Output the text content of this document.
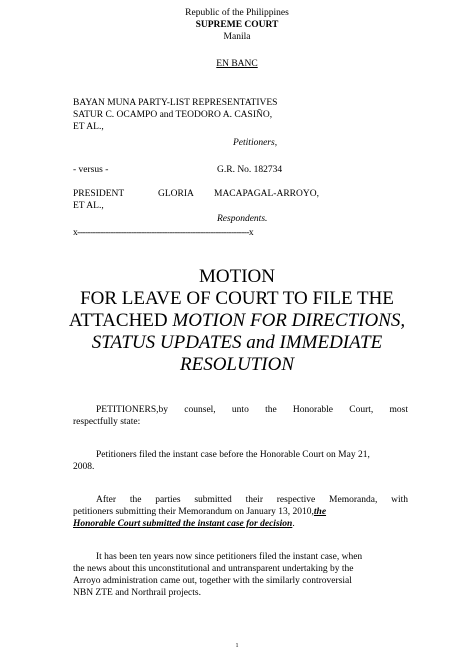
Republic of the Philippines
SUPREME COURT
Manila
EN BANC
BAYAN MUNA PARTY-LIST REPRESENTATIVES
SATUR C. OCAMPO and TEODORO A. CASIÑO,
ET AL.,
Petitioners,
- versus -	G.R. No. 182734
PRESIDENT	GLORIA MACAPAGAL-ARROYO,
ET AL.,
Respondents.
x-------------------------------------------------------------------x
MOTION
FOR LEAVE OF COURT TO FILE THE
ATTACHED MOTION FOR DIRECTIONS,
STATUS UPDATES and IMMEDIATE
RESOLUTION
PETITIONERS,by counsel, unto the Honorable Court, most
respectfully state:
Petitioners filed the instant case before the Honorable Court on May 21,
2008.
After the parties submitted their respective Memoranda, with
petitioners submitting their Memorandum on January 13, 2010,the
Honorable Court submitted the instant case for decision.
It has been ten years now since petitioners filed the instant case, when
the news about this unconstitutional and untransparent undertaking by the
Arroyo administration came out, together with the similarly controversial
NBN ZTE and Northrail projects.
1
